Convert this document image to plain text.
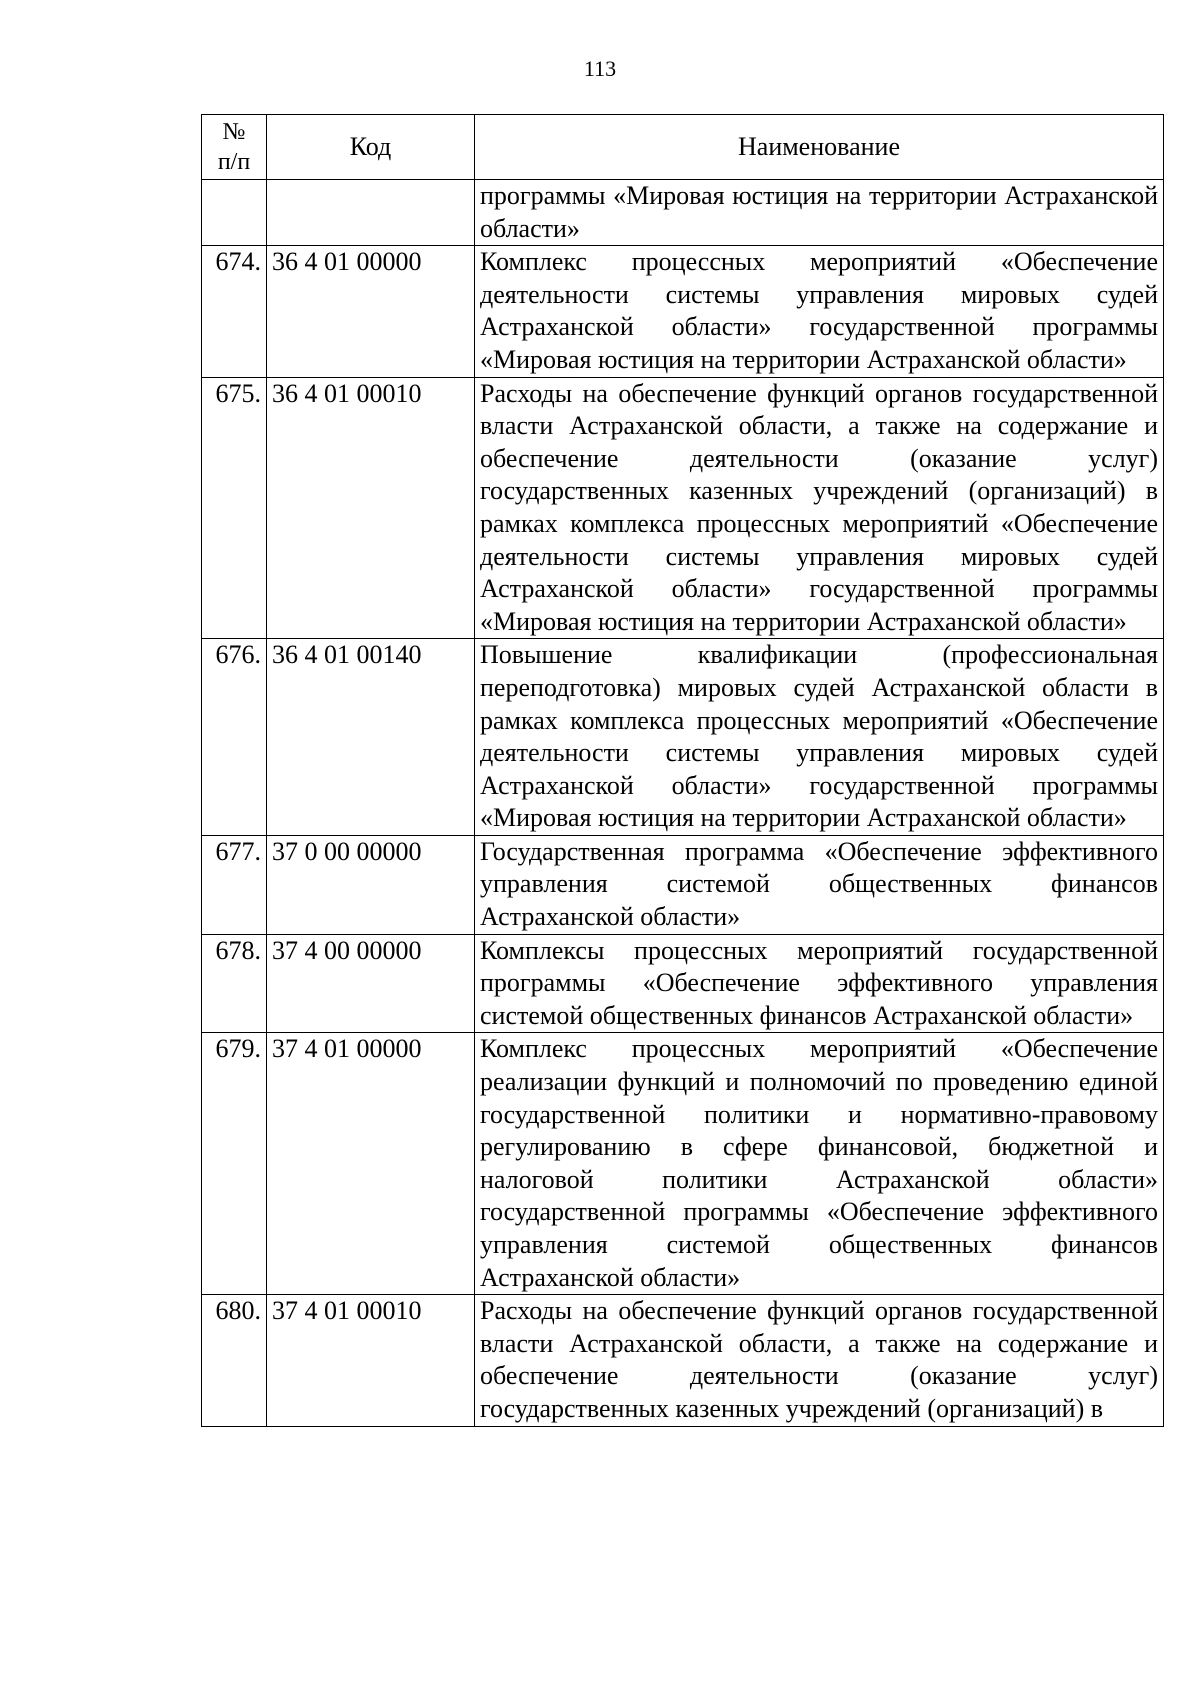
113
№
п/п	Код	Наименование
		программы «Мировая юстиция на территории Астраханской области»
674.	36 4 01 00000	Комплекс процессных мероприятий «Обеспечение деятельности системы управления мировых судей Астраханской области» государственной программы «Мировая юстиция на территории Астраханской области»
675.	36 4 01 00010	Расходы на обеспечение функций органов государственной власти Астраханской области, а также на содержание и обеспечение деятельности (оказание услуг) государственных казенных учреждений (организаций) в рамках комплекса процессных мероприятий «Обеспечение деятельности системы управления мировых судей Астраханской области» государственной программы «Мировая юстиция на территории Астраханской области»
676.	36 4 01 00140	Повышение квалификации (профессиональная переподготовка) мировых судей Астраханской области в рамках комплекса процессных мероприятий «Обеспечение деятельности системы управления мировых судей Астраханской области» государственной программы «Мировая юстиция на территории Астраханской области»
677.	37 0 00 00000	Государственная программа «Обеспечение эффективного управления системой общественных финансов Астраханской области»
678.	37 4 00 00000	Комплексы процессных мероприятий государственной программы «Обеспечение эффективного управления системой общественных финансов Астраханской области»
679.	37 4 01 00000	Комплекс процессных мероприятий «Обеспечение реализации функций и полномочий по проведению единой государственной политики и нормативно-правовому регулированию в сфере финансовой, бюджетной и налоговой политики Астраханской области» государственной программы «Обеспечение эффективного управления системой общественных финансов Астраханской области»
680.	37 4 01 00010	Расходы на обеспечение функций органов государственной власти Астраханской области, а также на содержание и обеспечение деятельности (оказание услуг) государственных казенных учреждений (организаций) в
